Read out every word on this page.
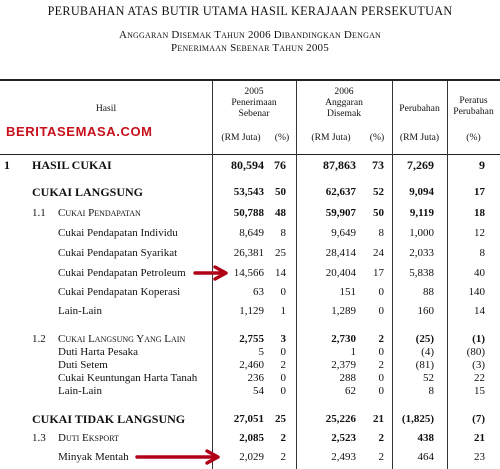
PERUBAHAN ATAS BUTIR UTAMA HASIL KERAJAAN PERSEKUTUAN
Anggaran Disemak Tahun 2006 Dibandingkan Dengan
Penerimaan Sebenar Tahun 2005
Hasil
2005
Penerimaan
Sebenar
2006
Anggaran
Disemak	Perubahan
Peratus
Perubahan
(RM Juta)	(%)	(RM Juta)	(%)	(RM Juta)	(%)
BERITASEMASA.COM
1 HASIL CUKAI	80,594 76	87,863	73	7,269	9
CUKAI LANGSUNG	53,543	50	62,637	52	9,094	17
1.1 Cukai Pendapatan	50,788	48	59,907	50	9,119	18
Cukai Pendapatan Individu	8,649	8	9,649	8	1,000	12
Cukai Pendapatan Syarikat	26,381	25	28,414	24	2,033	8
Cukai Pendapatan Petroleum	14,566	14	20,404	17	5,838	40
Cukai Pendapatan Koperasi	63	0	151	0	88	140
Lain-Lain	1,129	1	1,289	0	160	14
1.2 Cukai Langsung Yang Lain	2,755	3	2,730	2	(25)	(1)
Duti Harta Pesaka	5	0	1	0	(4)	(80)
Duti Setem	2,460	2	2,379	2	(81)	(3)
Cukai Keuntungan Harta Tanah	236	0	288	0	52	22
Lain-Lain	54	0	62	0	8	15
CUKAI TIDAK LANGSUNG	27,051	25	25,226	21	(1,825)	(7)
1.3 Duti Eksport	2,085	2	2,523	2	438	21
Minyak Mentah	2,029	2	2,493	2	464	23
